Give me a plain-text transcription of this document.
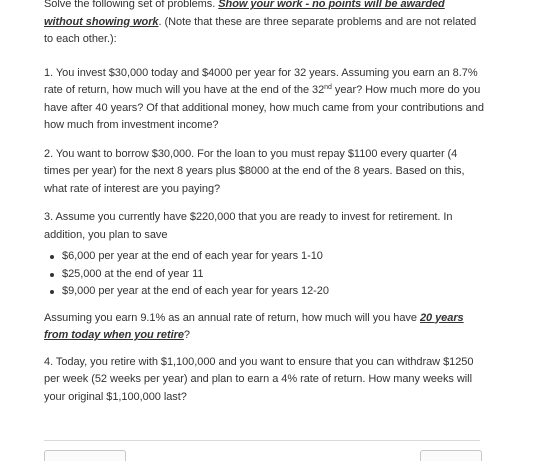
Solve the following set of problems. Show your work - no points will be awarded without showing work. (Note that these are three separate problems and are not related to each other.):

1. You invest $30,000 today and $4000 per year for 32 years. Assuming you earn an 8.7% rate of return, how much will you have at the end of the 32nd year? How much more do you have after 40 years? Of that additional money, how much came from your contributions and how much from investment income?

2. You want to borrow $30,000. For the loan to you must repay $1100 every quarter (4 times per year) for the next 8 years plus $8000 at the end of the 8 years. Based on this, what rate of interest are you paying?

3. Assume you currently have $220,000 that you are ready to invest for retirement. In addition, you plan to save

$6,000 per year at the end of each year for years 1-10
$25,000 at the end of year 11
$9,000 per year at the end of each year for years 12-20

Assuming you earn 9.1% as an annual rate of return, how much will you have 20 years from today when you retire?

4. Today, you retire with $1,100,000 and you want to ensure that you can withdraw $1250 per week (52 weeks per year) and plan to earn a 4% rate of return. How many weeks will your original $1,100,000 last?
